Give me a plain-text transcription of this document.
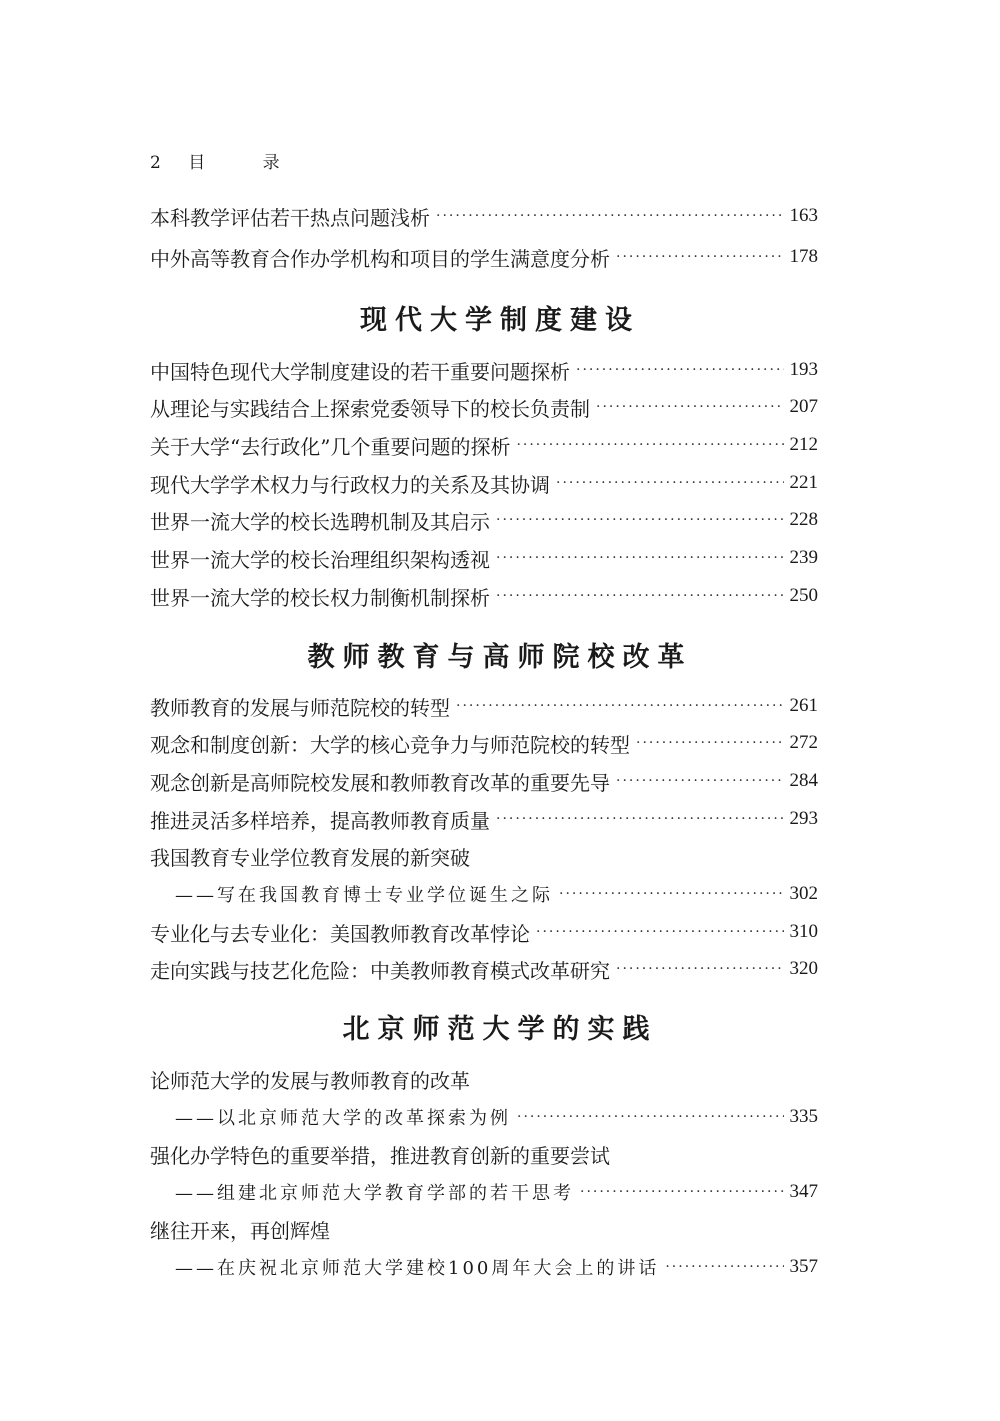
2 目	录
本科教学评估若干热点问题浅析 ·····	163
中外高等教育合作办学机构和项目的学生满意度分析 ·····	178
现代大学制度建设
中国特色现代大学制度建设的若干重要问题探析 ·····	193
从理论与实践结合上探索党委领导下的校长负责制 ·····	207
关于大学“去行政化”几个重要问题的探析 ·····	212
现代大学学术权力与行政权力的关系及其协调 ·····	221
世界一流大学的校长选聘机制及其启示 ·····	228
世界一流大学的校长治理组织架构透视 ·····	239
世界一流大学的校长权力制衡机制探析 ·····	250
教师教育与高师院校改革
教师教育的发展与师范院校的转型 ·····	261
观念和制度创新：大学的核心竞争力与师范院校的转型 ·····	272
观念创新是高师院校发展和教师教育改革的重要先导 ·····	284
推进灵活多样培养，提高教师教育质量 ·····	293
我国教育专业学位教育发展的新突破
——写在我国教育博士专业学位诞生之际 ·····	302
专业化与去专业化：美国教师教育改革悖论 ·····	310
走向实践与技艺化危险：中美教师教育模式改革研究 ·····	320
北京师范大学的实践
论师范大学的发展与教师教育的改革
——以北京师范大学的改革探索为例 ·····	335
强化办学特色的重要举措，推进教育创新的重要尝试
——组建北京师范大学教育学部的若干思考 ·····	347
继往开来，再创辉煌
——在庆祝北京师范大学建校100周年大会上的讲话 ·····	357
